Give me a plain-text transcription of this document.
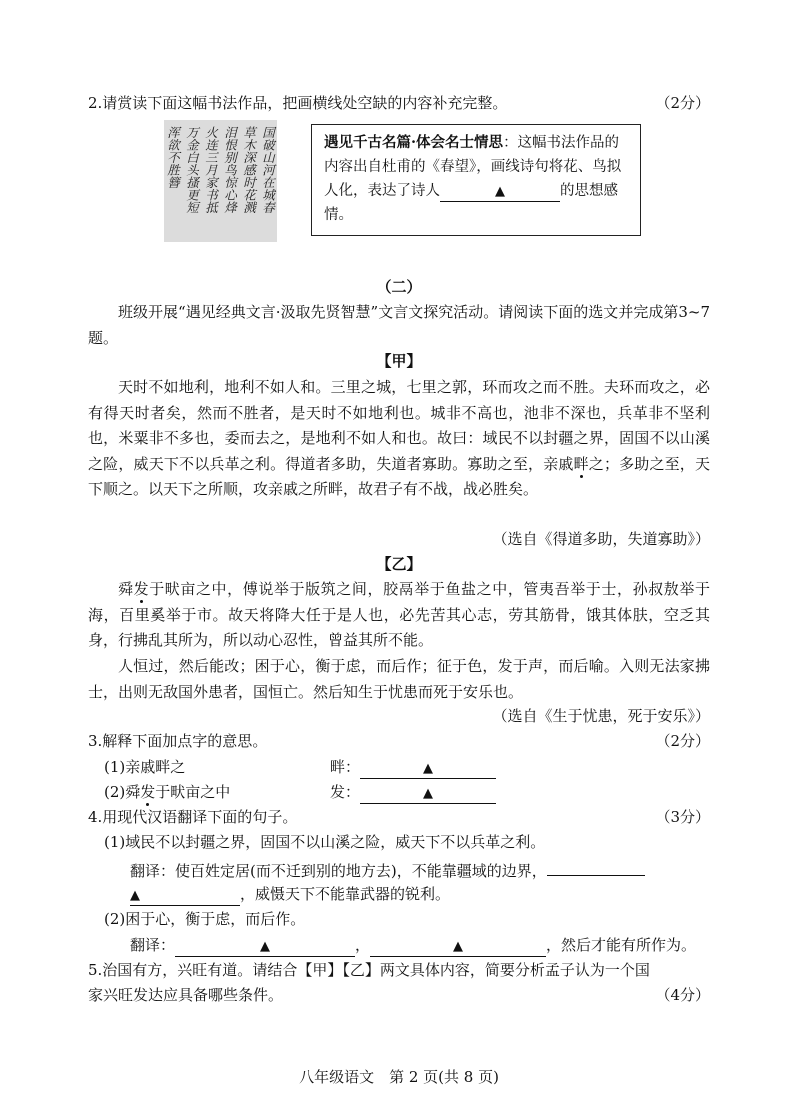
2.请赏读下面这幅书法作品，把画横线处空缺的内容补充完整。	（2分）
国破山河在城春
草木深感时花溅
泪恨别鸟惊心烽
火连三月家书抵
万金白头搔更短
浑欲不胜簪	遇见千古名篇·体会名士情思：这幅书法作品的内容出自杜甫的《春望》，画线诗句将花、鸟拟人化，表达了诗人	▲	的思想感情。
（二）
班级开展“遇见经典文言·汲取先贤智慧”文言文探究活动。请阅读下面的选文并完成第3~7题。
【甲】
天时不如地利，地利不如人和。三里之城，七里之郭，环而攻之而不胜。夫环而攻之，必有得天时者矣，然而不胜者，是天时不如地利也。城非不高也，池非不深也，兵革非不坚利也，米粟非不多也，委而去之，是地利不如人和也。故曰：域民不以封疆之界，固国不以山溪之险，威天下不以兵革之利。得道者多助，失道者寡助。寡助之至，亲戚畔之；多助之至，天下顺之。以天下之所顺，攻亲戚之所畔，故君子有不战，战必胜矣。
（选自《得道多助，失道寡助》）
【乙】
舜发于畎亩之中，傅说举于版筑之间，胶鬲举于鱼盐之中，管夷吾举于士，孙叔敖举于海，百里奚举于市。故天将降大任于是人也，必先苦其心志，劳其筋骨，饿其体肤，空乏其身，行拂乱其所为，所以动心忍性，曾益其所不能。
人恒过，然后能改；困于心，衡于虑，而后作；征于色，发于声，而后喻。入则无法家拂士，出则无敌国外患者，国恒亡。然后知生于忧患而死于安乐也。
（选自《生于忧患，死于安乐》）
3.解释下面加点字的意思。	（2分）
(1)亲戚畔之	畔：	▲
(2)舜发于畎亩之中	发：	▲
4.用现代汉语翻译下面的句子。	（3分）
(1)域民不以封疆之界，固国不以山溪之险，威天下不以兵革之利。
翻译：使百姓定居(而不迁到别的地方去)，不能靠疆域的边界，
▲	，威慑天下不能靠武器的锐利。
(2)困于心，衡于虑，而后作。
翻译：	▲	，	▲	，然后才能有所作为。
5.治国有方，兴旺有道。请结合【甲】【乙】两文具体内容，简要分析孟子认为一个国
家兴旺发达应具备哪些条件。	（4分）
八年级语文　第 2 页(共 8 页)
